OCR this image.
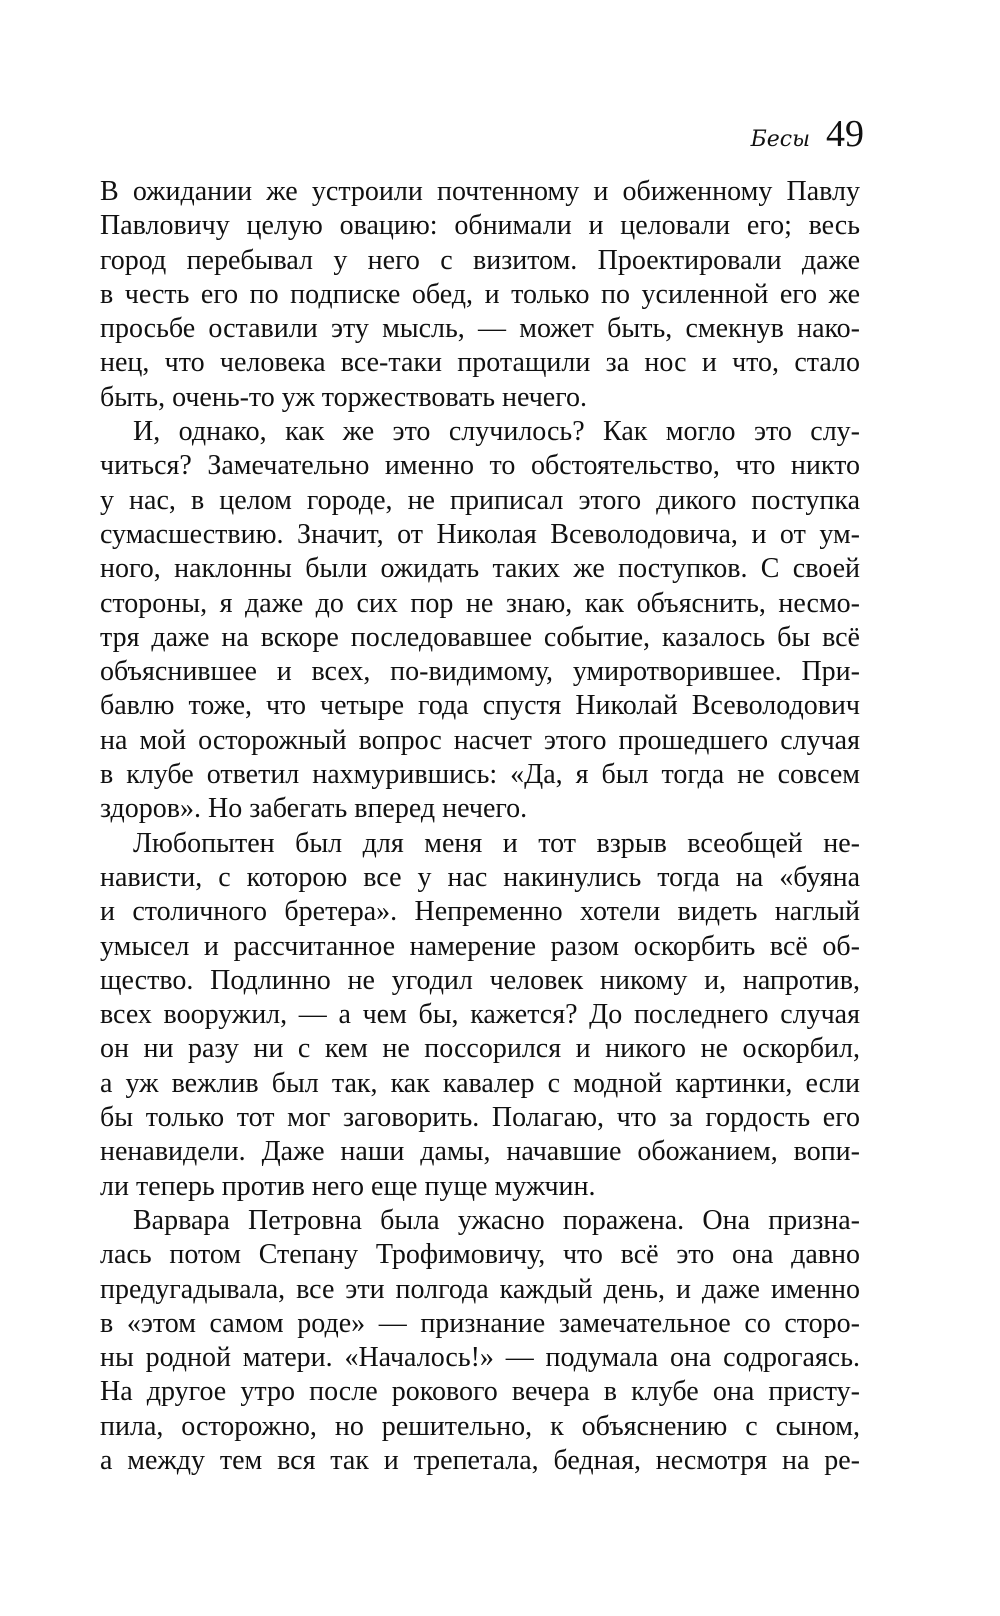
Бесы 49
В ожидании же устроили почтенному и обиженному Павлу
Павловичу целую овацию: обнимали и целовали его; весь
город перебывал у него с визитом. Проектировали даже
в честь его по подписке обед, и только по усиленной его же
просьбе оставили эту мысль, — может быть, смекнув нако-
нец, что человека все-таки протащили за нос и что, стало
быть, очень-то уж торжествовать нечего.
И, однако, как же это случилось? Как могло это слу-
читься? Замечательно именно то обстоятельство, что никто
у нас, в целом городе, не приписал этого дикого поступка
сумасшествию. Значит, от Николая Всеволодовича, и от ум-
ного, наклонны были ожидать таких же поступков. С своей
стороны, я даже до сих пор не знаю, как объяснить, несмо-
тря даже на вскоре последовавшее событие, казалось бы всё
объяснившее и всех, по-видимому, умиротворившее. При-
бавлю тоже, что четыре года спустя Николай Всеволодович
на мой осторожный вопрос насчет этого прошедшего случая
в клубе ответил нахмурившись: «Да, я был тогда не совсем
здоров». Но забегать вперед нечего.
Любопытен был для меня и тот взрыв всеобщей не-
нависти, с которою все у нас накинулись тогда на «буяна
и столичного бретера». Непременно хотели видеть наглый
умысел и рассчитанное намерение разом оскорбить всё об-
щество. Подлинно не угодил человек никому и, напротив,
всех вооружил, — а чем бы, кажется? До последнего случая
он ни разу ни с кем не поссорился и никого не оскорбил,
а уж вежлив был так, как кавалер с модной картинки, если
бы только тот мог заговорить. Полагаю, что за гордость его
ненавидели. Даже наши дамы, начавшие обожанием, вопи-
ли теперь против него еще пуще мужчин.
Варвара Петровна была ужасно поражена. Она призна-
лась потом Степану Трофимовичу, что всё это она давно
предугадывала, все эти полгода каждый день, и даже именно
в «этом самом роде» — признание замечательное со сторо-
ны родной матери. «Началось!» — подумала она содрогаясь.
На другое утро после рокового вечера в клубе она присту-
пила, осторожно, но решительно, к объяснению с сыном,
а между тем вся так и трепетала, бедная, несмотря на ре-
